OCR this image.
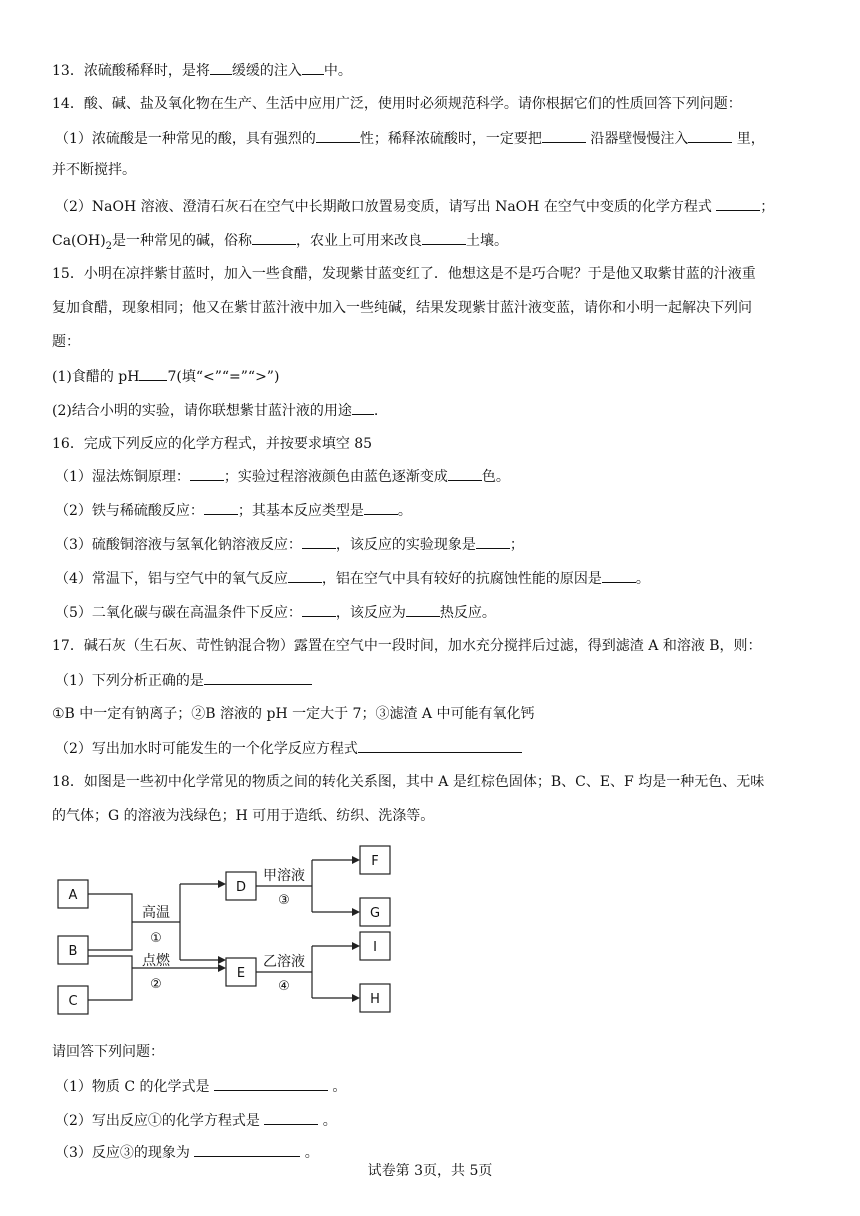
13．浓硫酸稀释时，是将 缓缓的注入 中。
14．酸、碱、盐及氧化物在生产、生活中应用广泛，使用时必须规范科学。请你根据它们的性质回答下列问题：
（1）浓硫酸是一种常见的酸，具有强烈的	性；稀释浓硫酸时，一定要把	沿器壁慢慢注入	里，
并不断搅拌。
（2）NaOH 溶液、澄清石灰石在空气中长期敞口放置易变质，请写出 NaOH 在空气中变质的化学方程式	；
$Ca(OH)_2$是一种常见的碱，俗称	，农业上可用来改良	土壤。
15．小明在凉拌紫甘蓝时，加入一些食醋，发现紫甘蓝变红了．他想这是不是巧合呢？于是他又取紫甘蓝的汁液重
复加食醋，现象相同；他又在紫甘蓝汁液中加入一些纯碱，结果发现紫甘蓝汁液变蓝，请你和小明一起解决下列问
题：
(1)食醋的 pH 7(填“<”“=”“>”)
(2)结合小明的实验，请你联想紫甘蓝汁液的用途 .
16．完成下列反应的化学方程式，并按要求填空 85
（1）湿法炼铜原理： ；实验过程溶液颜色由蓝色逐渐变成 色。
（2）铁与稀硫酸反应： ；其基本反应类型是 。
（3）硫酸铜溶液与氢氧化钠溶液反应： ，该反应的实验现象是 ；
（4）常温下，铝与空气中的氧气反应 ，铝在空气中具有较好的抗腐蚀性能的原因是 。
（5）二氧化碳与碳在高温条件下反应： ，该反应为 热反应。
17．碱石灰（生石灰、苛性钠混合物）露置在空气中一段时间，加水充分搅拌后过滤，得到滤渣 A 和溶液 B，则：
（1）下列分析正确的是
①B 中一定有钠离子；②B 溶液的 pH 一定大于 7；③滤渣 A 中可能有氧化钙
（2）写出加水时可能发生的一个化学反应方程式
18．如图是一些初中化学常见的物质之间的转化关系图，其中 A 是红棕色固体；B、C、E、F 均是一种无色、无味
的气体；G 的溶液为浅绿色；H 可用于造纸、纺织、洗涤等。
A
B
C
D
E
F
G
I
H
高温
①
点燃
②
甲溶液
③
乙溶液
④
请回答下列问题：
（1）物质 C 的化学式是	。
（2）写出反应①的化学方程式是	。
（3）反应③的现象为	。
试卷第 3页，共 5页
